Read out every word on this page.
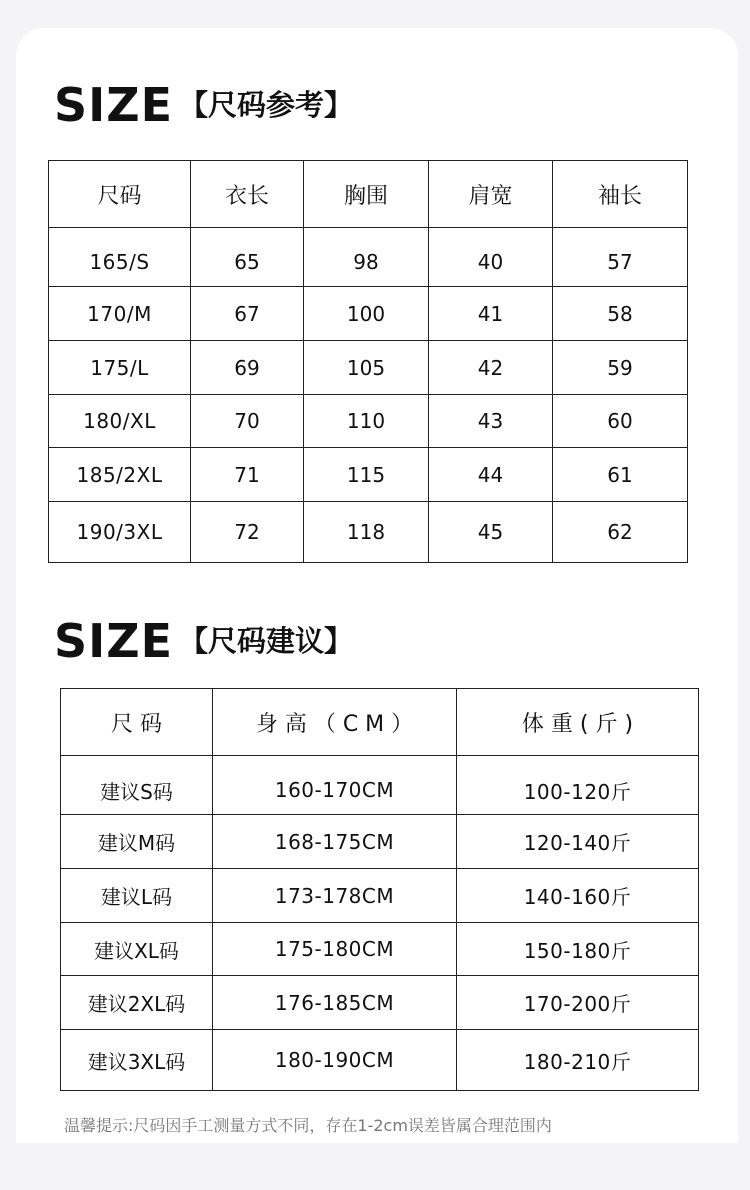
SIZE 【尺码参考】
尺码	衣长	胸围	肩宽	袖长
165/S	65	98	40	57
170/M	67	100	41	58
175/L	69	105	42	59
180/XL	70	110	43	60
185/2XL	71	115	44	61
190/3XL	72	118	45	62
SIZE 【尺码建议】
尺 码	身 高 （ C M ）	体 重 ( 斤 )
建议S码	160-170CM	100-120斤
建议M码	168-175CM	120-140斤
建议L码	173-178CM	140-160斤
建议XL码	175-180CM	150-180斤
建议2XL码	176-185CM	170-200斤
建议3XL码	180-190CM	180-210斤
温馨提示:尺码因手工测量方式不同，存在1-2cm误差皆属合理范围内
